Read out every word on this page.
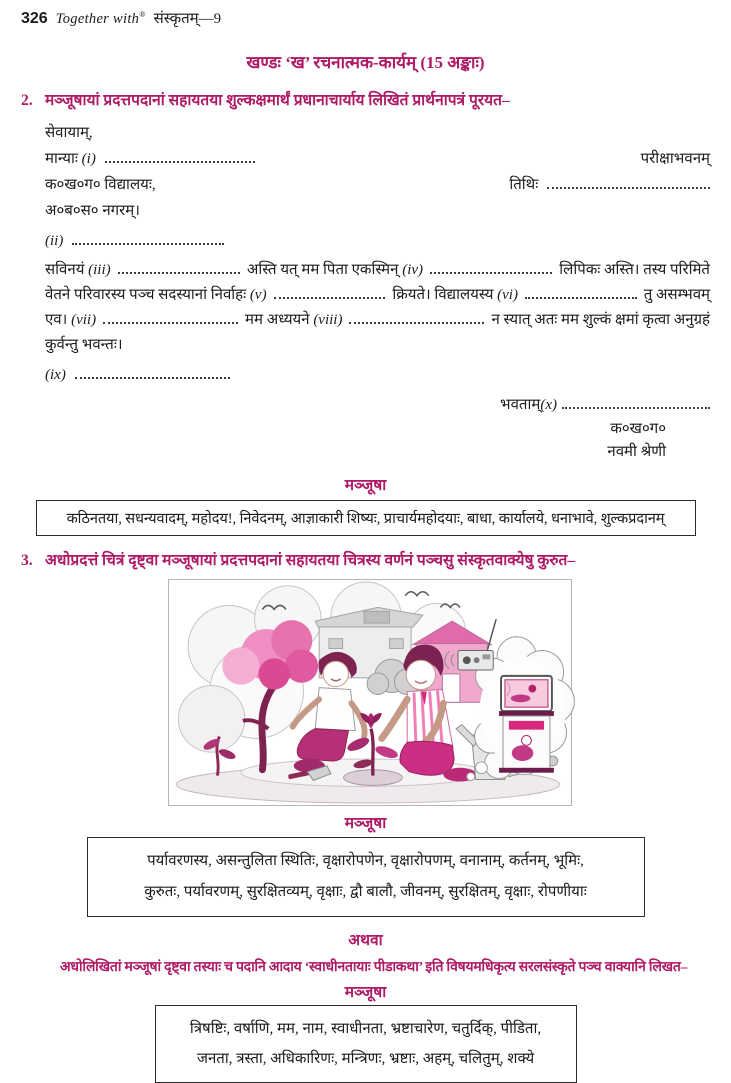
326 Together with® संस्कृतम्—9
खण्डः ‘ख’ रचनात्मक-कार्यम् (15 अङ्काः)
2. मञ्जूषायां प्रदत्तपदानां सहायतया शुल्कक्षमार्थं प्रधानाचार्याय लिखितं प्रार्थनापत्रं पूरयत–
सेवायाम्,
मान्याः (i)
	परीक्षाभवनम्
क०ख०ग० विद्यालयः,	तिथिः
अ०ब०स० नगरम्।
(ii)

सविनयं (iii)	अस्ति यत् मम पिता एकस्मिन् (iv)	लिपिकः अस्ति। तस्य परिमिते
वेतने परिवारस्य पञ्च सदस्यानां निर्वाहः (v)	क्रियते। विद्यालयस्य (vi)	तु असम्भवम्
एव। (vii)	मम अध्ययने (viii)	न स्यात् अतः मम शुल्कं क्षमां कृत्वा अनुग्रहं
कुर्वन्तु भवन्तः।
(ix)

भवताम् (x)
क०ख०ग०
नवमी श्रेणी
मञ्जूषा
कठिनतया, सधन्यवादम्, महोदय!, निवेदनम्, आज्ञाकारी शिष्यः, प्राचार्यमहोदयाः, बाधा, कार्यालये, धनाभावे, शुल्कप्रदानम्
3. अधोप्रदत्तं चित्रं दृष्ट्वा मञ्जूषायां प्रदत्तपदानां सहायतया चित्रस्य वर्णनं पञ्चसु संस्कृतवाक्येषु कुरुत–
मञ्जूषा
पर्यावरणस्य, असन्तुलिता स्थितिः, वृक्षारोपणेन, वृक्षारोपणम्, वनानाम्, कर्तनम्, भूमिः,
कुरुतः, पर्यावरणम्, सुरक्षितव्यम्, वृक्षाः, द्वौ बालौ, जीवनम्, सुरक्षितम्, वृक्षाः, रोपणीयाः
अथवा
अधोलिखितां मञ्जूषां दृष्ट्वा तस्याः च पदानि आदाय ‘स्वाधीनतायाः पीडाकथा’ इति विषयमधिकृत्य सरलसंस्कृते पञ्च वाक्यानि लिखत–
मञ्जूषा
त्रिषष्टिः, वर्षाणि, मम, नाम, स्वाधीनता, भ्रष्टाचारेण, चतुर्दिक्, पीडिता,
जनता, त्रस्ता, अधिकारिणः, मन्त्रिणः, भ्रष्टाः, अहम्, चलितुम्, शक्ये
